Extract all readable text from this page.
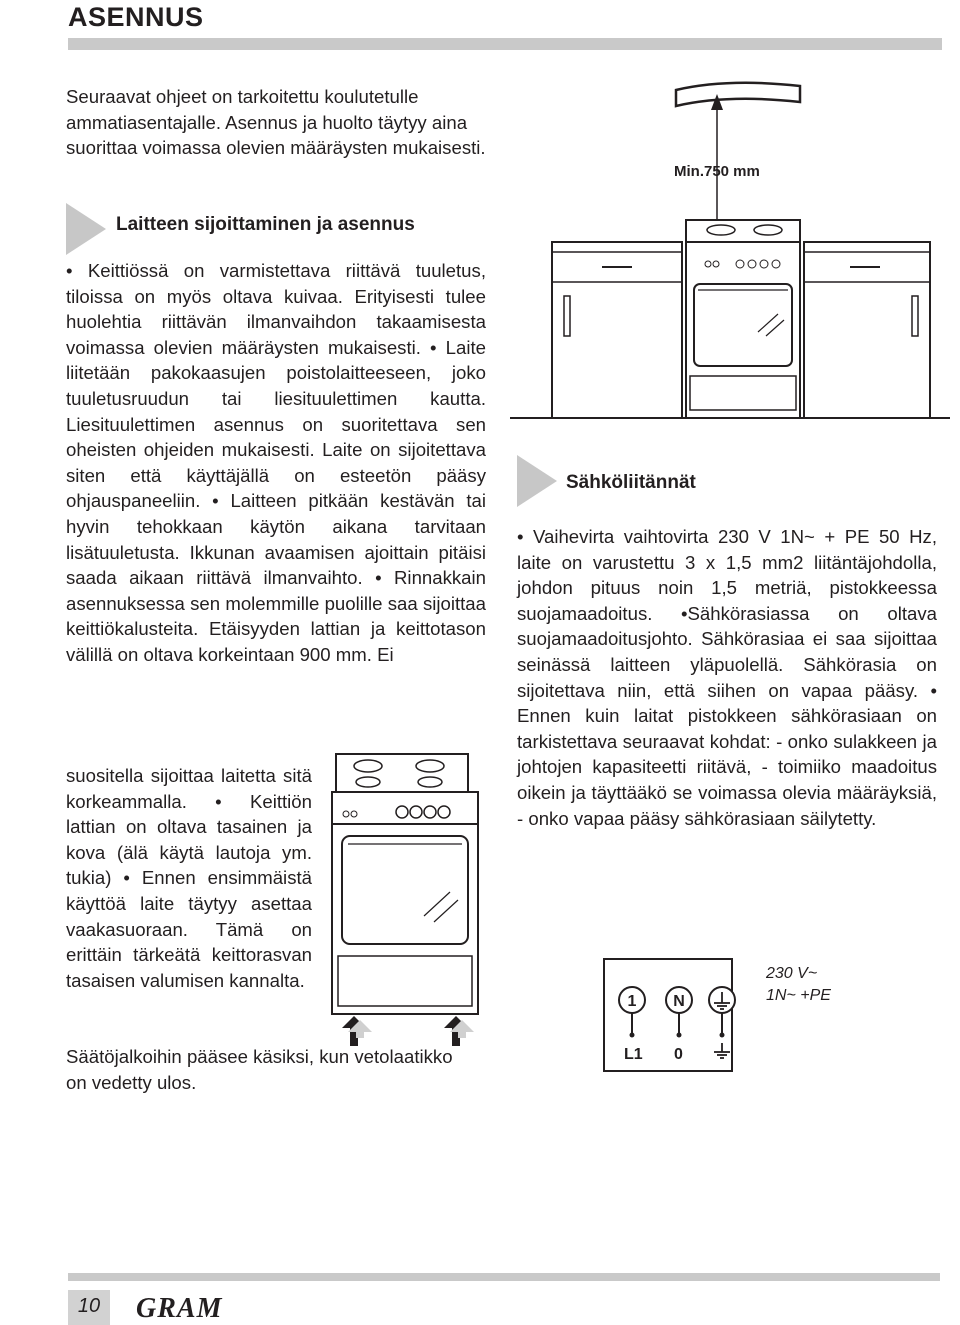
ASENNUS

Seuraavat ohjeet on tarkoitettu koulutetulle ammatiasentajalle. Asennus ja huolto täytyy aina suorittaa voimassa olevien määräysten mukaisesti.

Laitteen sijoittaminen ja asennus

• Keittiössä on varmistettava riittävä tuuletus, tiloissa on myös oltava kuivaa. Erityisesti tulee huolehtia riittävän ilmanvaihdon takaamisesta voimassa olevien määräysten mukaisesti. • Laite liitetään pakokaasujen poistolaitteeseen, joko tuuletusruudun tai liesituulettimen kautta. Liesituulettimen asennus on suoritettava sen oheisten ohjeiden mukaisesti. Laite on sijoitettava siten että käyttäjällä on esteetön pääsy ohjauspaneeliin. • Laitteen pitkään kestävän tai hyvin tehokkaan käytön aikana tarvitaan lisätuuletusta. Ikkunan avaamisen ajoittain pitäisi saada aikaan riittävä ilmanvaihto. • Rinnakkain asennuksessa sen molemmille puolille saa sijoittaa keittiökalusteita. Etäisyyden lattian ja keittotason välillä on oltava korkeintaan 900 mm. Ei

suositella sijoittaa laitetta sitä korkeammalla. • Keittiön lattian on oltava tasainen ja kova (älä käytä lautoja ym. tukia) • Ennen ensimmäistä käyttöä laite täytyy asettaa vaakasuoraan. Tämä on erittäin tärkeätä keittorasvan tasaisen valumisen kannalta.

Säätöjalkoihin pääsee käsiksi, kun vetolaatikko on vedetty ulos.

Min.750 mm
Sähköliitännät

• Vaihevirta vaihtovirta 230 V 1N~ + PE 50 Hz, laite on varustettu 3 x 1,5 mm2 liitäntäjohdolla, johdon pituus noin 1,5 metriä, pistokkeessa suojamaadoitus. •Sähkörasiassa on oltava suojamaadoitusjohto. Sähkörasiaa ei saa sijoittaa seinässä laitteen yläpuolellä. Sähkörasia on sijoitettava niin, että siihen on vapaa pääsy. • Ennen kuin laitat pistokkeen sähkörasiaan on tarkistettava seuraavat kohdat: - onko sulakkeen ja johtojen kapasiteetti riitävä, - toimiiko maadoitus oikein ja täyttääkö se voimassa olevia määräyksiä, - onko vapaa pääsy sähkörasiaan säilytetty.

1 N
L1 0
230 V~
1N~ +PE
10	GRAM
